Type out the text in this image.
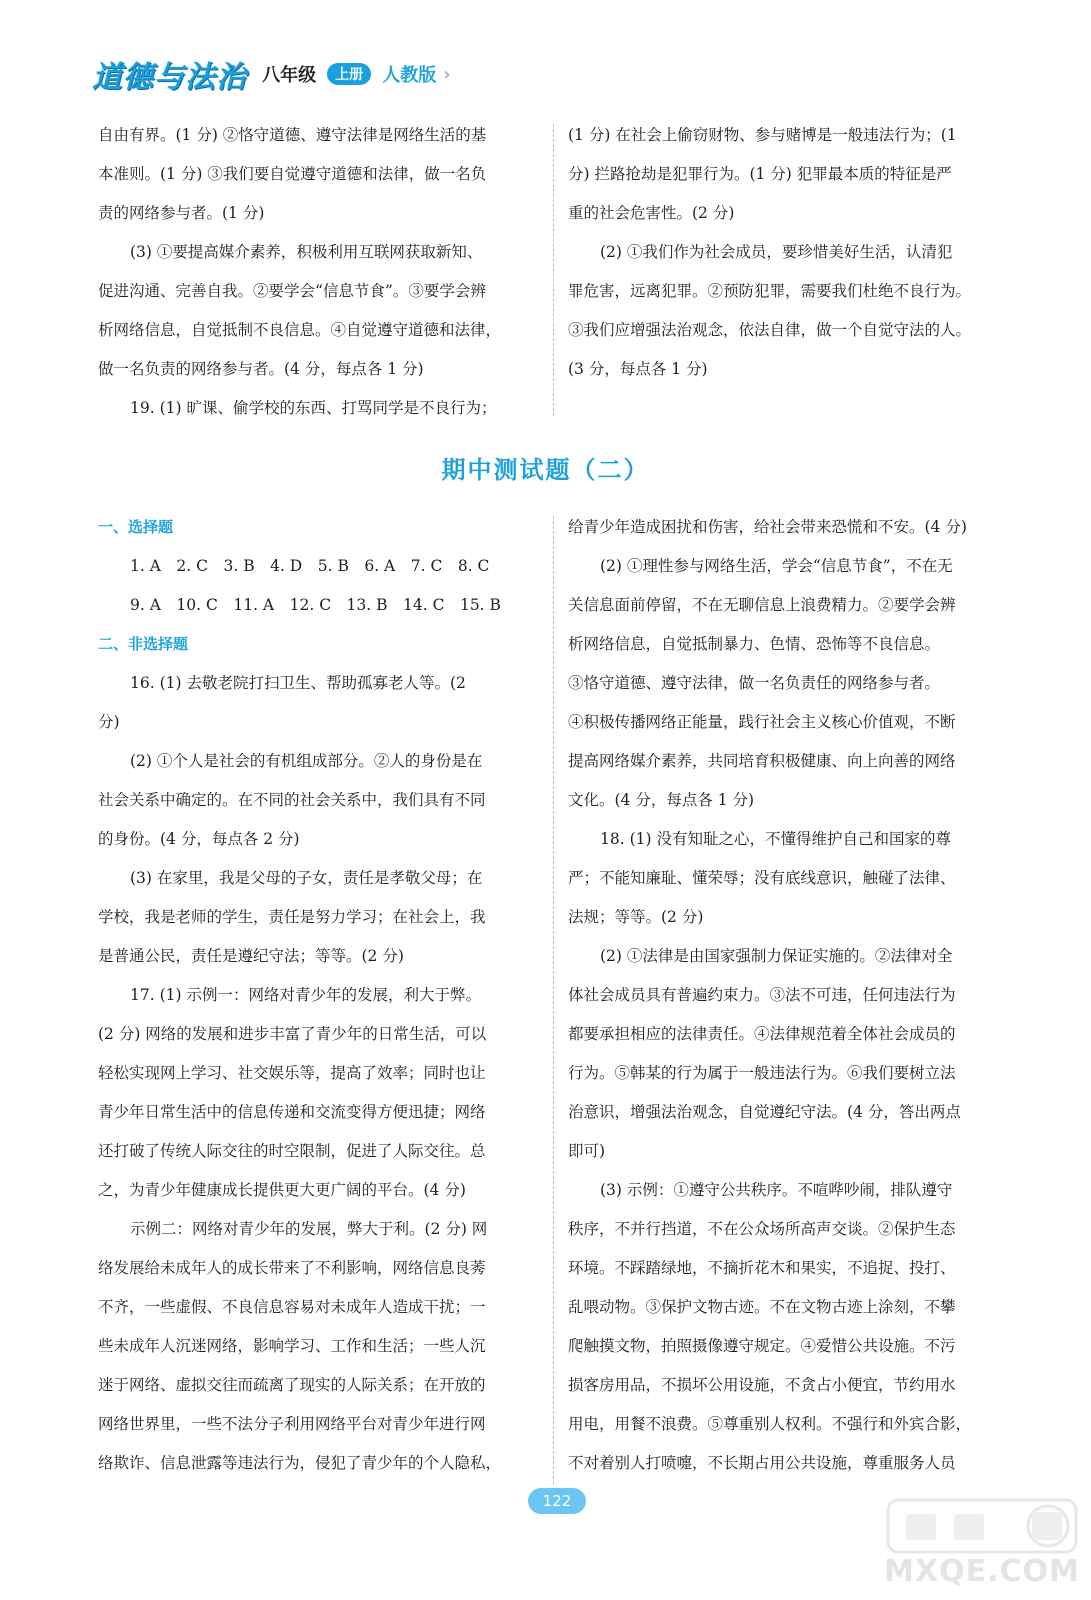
道德与法治 八年级 上册 人教版 ›
自由有界。(1 分) ②恪守道德、遵守法律是网络生活的基
本准则。(1 分) ③我们要自觉遵守道德和法律，做一名负
责的网络参与者。(1 分)
(3) ①要提高媒介素养，积极利用互联网获取新知、
促进沟通、完善自我。②要学会“信息节食”。③要学会辨
析网络信息，自觉抵制不良信息。④自觉遵守道德和法律，
做一名负责的网络参与者。(4 分，每点各 1 分)
19. (1) 旷课、偷学校的东西、打骂同学是不良行为；
(1 分) 在社会上偷窃财物、参与赌博是一般违法行为；(1
分) 拦路抢劫是犯罪行为。(1 分) 犯罪最本质的特征是严
重的社会危害性。(2 分)
(2) ①我们作为社会成员，要珍惜美好生活，认清犯
罪危害，远离犯罪。②预防犯罪，需要我们杜绝不良行为。
③我们应增强法治观念，依法自律，做一个自觉守法的人。
(3 分，每点各 1 分)
期中测试题（二）
一、选择题
1. A　2. C　3. B　4. D　5. B　6. A　7. C　8. C
9. A　10. C　11. A　12. C　13. B　14. C　15. B
二、非选择题
16. (1) 去敬老院打扫卫生、帮助孤寡老人等。(2
分)
(2) ①个人是社会的有机组成部分。②人的身份是在
社会关系中确定的。在不同的社会关系中，我们具有不同
的身份。(4 分，每点各 2 分)
(3) 在家里，我是父母的子女，责任是孝敬父母；在
学校，我是老师的学生，责任是努力学习；在社会上，我
是普通公民，责任是遵纪守法；等等。(2 分)
17. (1) 示例一：网络对青少年的发展，利大于弊。
(2 分) 网络的发展和进步丰富了青少年的日常生活，可以
轻松实现网上学习、社交娱乐等，提高了效率；同时也让
青少年日常生活中的信息传递和交流变得方便迅捷；网络
还打破了传统人际交往的时空限制，促进了人际交往。总
之，为青少年健康成长提供更大更广阔的平台。(4 分)
示例二：网络对青少年的发展，弊大于利。(2 分) 网
络发展给未成年人的成长带来了不利影响，网络信息良莠
不齐，一些虚假、不良信息容易对未成年人造成干扰；一
些未成年人沉迷网络，影响学习、工作和生活；一些人沉
迷于网络、虚拟交往而疏离了现实的人际关系；在开放的
网络世界里，一些不法分子利用网络平台对青少年进行网
络欺诈、信息泄露等违法行为，侵犯了青少年的个人隐私，
给青少年造成困扰和伤害，给社会带来恐慌和不安。(4 分)
(2) ①理性参与网络生活，学会“信息节食”，不在无
关信息面前停留，不在无聊信息上浪费精力。②要学会辨
析网络信息，自觉抵制暴力、色情、恐怖等不良信息。
③恪守道德、遵守法律，做一名负责任的网络参与者。
④积极传播网络正能量，践行社会主义核心价值观，不断
提高网络媒介素养，共同培育积极健康、向上向善的网络
文化。(4 分，每点各 1 分)
18. (1) 没有知耻之心，不懂得维护自己和国家的尊
严；不能知廉耻、懂荣辱；没有底线意识，触碰了法律、
法规；等等。(2 分)
(2) ①法律是由国家强制力保证实施的。②法律对全
体社会成员具有普遍约束力。③法不可违，任何违法行为
都要承担相应的法律责任。④法律规范着全体社会成员的
行为。⑤韩某的行为属于一般违法行为。⑥我们要树立法
治意识，增强法治观念，自觉遵纪守法。(4 分，答出两点
即可)
(3) 示例：①遵守公共秩序。不喧哗吵闹，排队遵守
秩序，不并行挡道，不在公众场所高声交谈。②保护生态
环境。不踩踏绿地，不摘折花木和果实，不追捉、投打、
乱喂动物。③保护文物古迹。不在文物古迹上涂刻，不攀
爬触摸文物，拍照摄像遵守规定。④爱惜公共设施。不污
损客房用品，不损坏公用设施，不贪占小便宜，节约用水
用电，用餐不浪费。⑤尊重别人权利。不强行和外宾合影，
不对着别人打喷嚏，不长期占用公共设施，尊重服务人员
122
MXQE.COM
